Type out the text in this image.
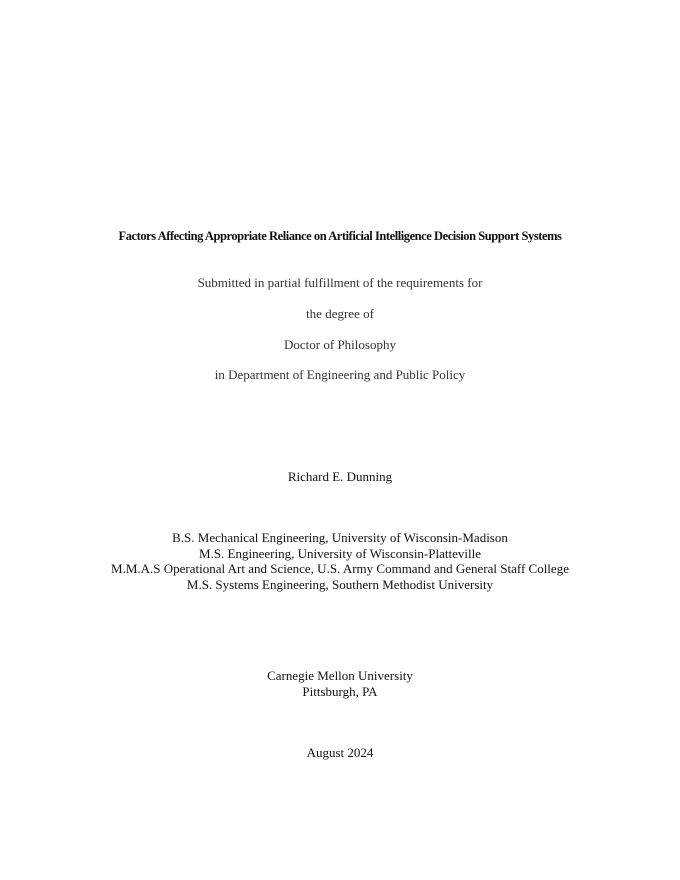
Factors Affecting Appropriate Reliance on Artificial Intelligence Decision Support Systems
Submitted in partial fulfillment of the requirements for
the degree of
Doctor of Philosophy
in Department of Engineering and Public Policy
Richard E. Dunning
B.S. Mechanical Engineering, University of Wisconsin-Madison
M.S. Engineering, University of Wisconsin-Platteville
M.M.A.S Operational Art and Science, U.S. Army Command and General Staff College
M.S. Systems Engineering, Southern Methodist University
Carnegie Mellon University
Pittsburgh, PA
August 2024
